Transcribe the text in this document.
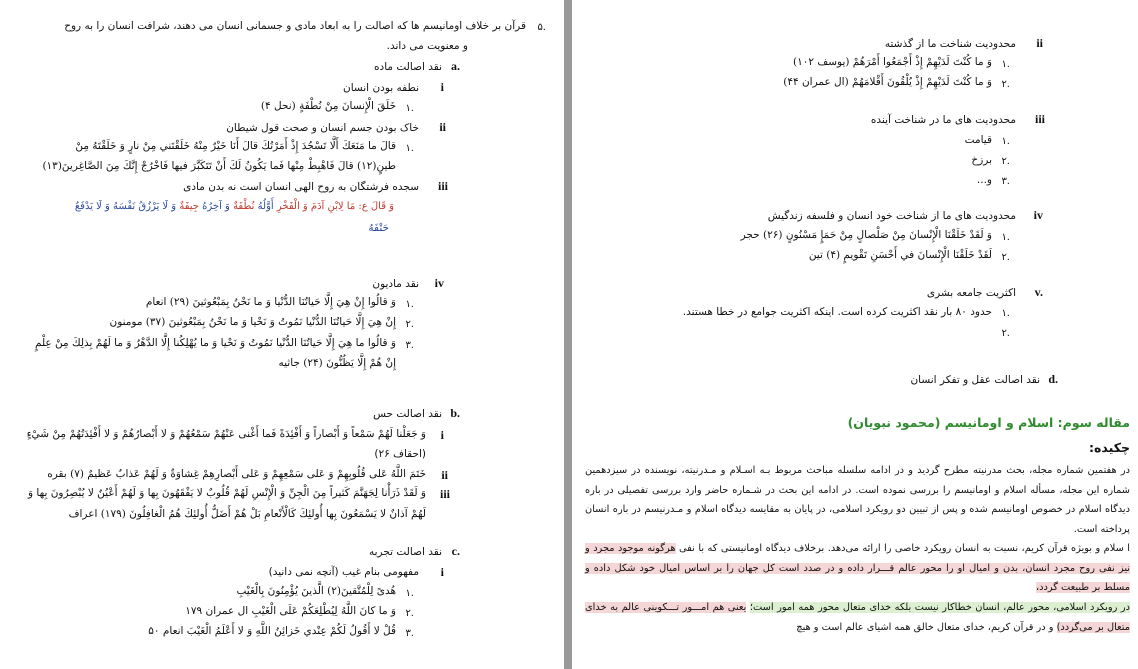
۵.
قرآن بر خلاف اومانیسم ها که اصالت را به ابعاد مادی و جسمانی انسان می دهند، شرافت انسان را به روح
و معنویت می داند.
a.
نقد اصالت ماده
i
نطفه بودن انسان
۱.
خَلَقَ الْإِنسانَ مِنْ نُطْفَةٍ (نحل ۴)
ii
خاک بودن جسم انسان و صحت قول شیطان
۱.
قالَ ما مَنَعَكَ أَلَّا تَسْجُدَ إِذْ أَمَرْتُكَ قالَ أَنَا خَيْرٌ مِنْهُ خَلَقْتَني‏ مِنْ نارٍ وَ خَلَقْتَهُ مِنْ
طينٍ(۱۲) قالَ فَاهْبِطْ مِنْها فَما يَكُونُ لَكَ أَنْ تَتَكَبَّرَ فيها فَاخْرُجْ إِنَّكَ مِنَ الصَّاغِرينَ(۱۳)
iii
سجده فرشتگان به روح الهی انسان است نه بدن مادی
وَ قَالَ ع: مَا لِابْنِ آدَمَ وَ الْفَخْرِ أَوَّلُهُ نُطْفَةٌ وَ آخِرُهُ جِيفَةٌ وَ لَا يَرْزُقُ نَفْسَهُ وَ لَا يَدْفَعُ
حَتْفَهُ
iv
نقد مادیون
۱.
وَ قالُوا إِنْ هِيَ إِلَّا حَياتُنَا الدُّنْيا وَ ما نَحْنُ بِمَبْعُوثينَ (۲۹) انعام
۲.
إِنْ هِيَ إِلَّا حَياتُنَا الدُّنْيا نَمُوتُ وَ نَحْيا وَ ما نَحْنُ بِمَبْعُوثينَ (۳۷) مومنون
۳.
وَ قالُوا ما هِيَ إِلَّا حَياتُنَا الدُّنْيا نَمُوتُ وَ نَحْيا وَ ما يُهْلِكُنا إِلَّا الدَّهْرُ وَ ما لَهُمْ بِذلِكَ مِنْ عِلْمٍ
إِنْ هُمْ إِلَّا يَظُنُّونَ (۲۴) جاثیه
b.
نقد اصالت حس
i
وَ جَعَلْنا لَهُمْ سَمْعاً وَ أَبْصاراً وَ أَفْئِدَةً فَما أَغْنى‏ عَنْهُمْ سَمْعُهُمْ وَ لا أَبْصارُهُمْ وَ لا أَفْئِدَتُهُمْ مِنْ شَيْ‏ءٍ
(احقاف ۲۶)
ii
خَتَمَ اللَّهُ عَلى‏ قُلُوبِهِمْ وَ عَلى‏ سَمْعِهِمْ وَ عَلى‏ أَبْصارِهِمْ غِشاوَةٌ وَ لَهُمْ عَذابٌ عَظيمٌ (۷) بقره
iii
وَ لَقَدْ ذَرَأْنا لِجَهَنَّمَ كَثيراً مِنَ الْجِنِّ وَ الْإِنْسِ لَهُمْ قُلُوبٌ لا يَفْقَهُونَ بِها وَ لَهُمْ أَعْيُنٌ لا يُبْصِرُونَ بِها وَ
لَهُمْ آذانٌ لا يَسْمَعُونَ بِها أُولئِكَ كَالْأَنْعامِ بَلْ هُمْ أَضَلُّ أُولئِكَ هُمُ الْغافِلُونَ (۱۷۹) اعراف
c.
نقد اصالت تجربه
i
مفهومی بنام غیب (آنچه نمی دانید)
۱.
هُدىً لِلْمُتَّقينَ(۲) الَّذينَ يُؤْمِنُونَ بِالْغَيْبِ
۲.
وَ ما كانَ اللَّهُ لِيُطْلِعَكُمْ عَلَى الْغَيْبِ ال عمران ۱۷۹
۳.
قُلْ لا أَقُولُ لَكُمْ عِنْدي خَزائِنُ اللَّهِ وَ لا أَعْلَمُ الْغَيْبَ انعام ۵۰
ii
محدودیت شناخت ما از گذشته
۱.
وَ ما كُنْتَ لَدَيْهِمْ إِذْ أَجْمَعُوا أَمْرَهُمْ (یوسف ۱۰۲)
۲.
وَ ما كُنْتَ لَدَيْهِمْ إِذْ يُلْقُونَ أَقْلامَهُمْ (ال عمران ۴۴)
iii
محدودیت های ما در شناخت آینده
۱.
قیامت
۲.
برزخ
۳.
و...
iv
محدودیت های ما از شناخت خود انسان و فلسفه زندگیش
۱.
وَ لَقَدْ خَلَقْنَا الْإِنْسانَ مِنْ صَلْصالٍ مِنْ حَمَإٍ مَسْنُونٍ (۲۶) حجر
۲.
لَقَدْ خَلَقْنَا الْإِنْسانَ في‏ أَحْسَنِ تَقْويمٍ (۴) تین
v.
اکثریت جامعه بشری
۱.
حدود ۸۰ بار نقد اکثریت کرده است. اینکه اکثریت جوامع در خطا هستند.
۲.
d.
نقد اصالت عقل و تفکر انسان
مقاله سوم: اسلام و اومانیسم (محمود نبویان)
چکیده:
در هفتمین شماره مجله، بحث مدرنیته مطرح گردید و در ادامه سلسله مباحث مربوط بـه اسـلام و مـدرنیته، نویسنده در سیزدهمین شماره این مجله، مسأله اسلام و اومانیسم را بررسی نموده است. در ادامه این بحث در شـماره حاضر وارد بررسی تفصیلی در باره دیدگاه اسلام در خصوص اومانیسم شده و پس از تبیین دو رویکرد اسلامی، در پایان به مقایسه دیدگاه اسلام و مـدرنیسم در باره انسان پرداخته است.
ا سلام و بویژه قرآن کریم، نسبت به انسان رویکرد خاصی را ارائه می‌دهد. برخلاف دیدگاه اومانیستی که با نفی هرگونه موجود مجرد و نیز نفی روح مجرد انسان، بدن و امیال او را محور عالم قـــرار داده و در صدد است کل جهان را بر اساس امیال خود شکل داده و مسلط بر طبیعت گردد،
در رویکرد اسلامی، محور عالم، انسان خطاکار نیست بلکه خدای متعال محور همه امور است؛ یعنی هم امـــور تـــکوینی عالم به خدای متعال بر می‌گردد) و در قرآن کریم، خدای متعال خالق همه اشیای عالم است و هیچ
